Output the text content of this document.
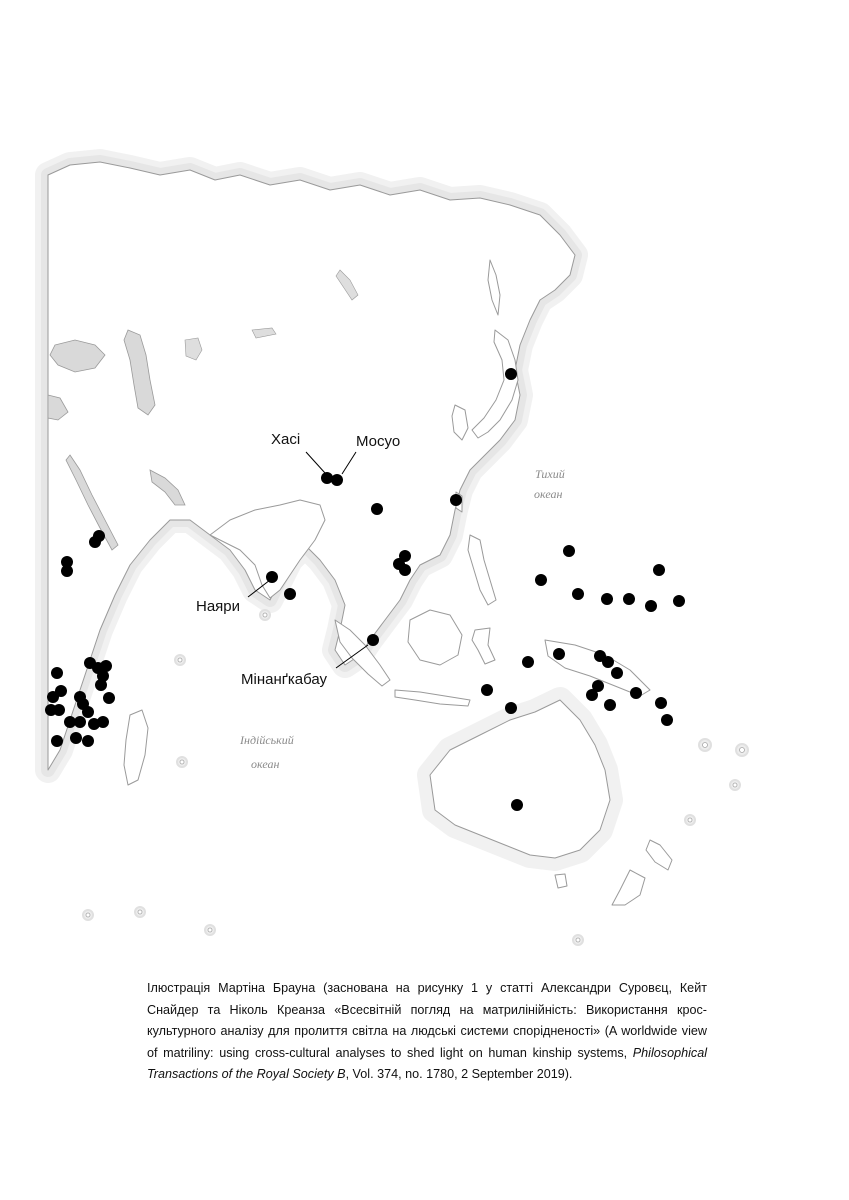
Хасі	Мосуо
Наяри
Мінанґкабау
Тихий
океан
Індійський
океан

Ілюстрація Мартіна Брауна (заснована на рисунку 1 у статті Александри Суровєц, Кейт Снайдер та Ніколь Креанза «Всесвітній погляд на матрилінійність: Використання кроскультурного аналізу для пролиття світла на людські системи спорідненості» (A worldwide view of matriliny: using cross-cultural analyses to shed light on human kinship systems, Philosophical Transactions of the Royal Society B, Vol. 374, no. 1780, 2 September 2019).
